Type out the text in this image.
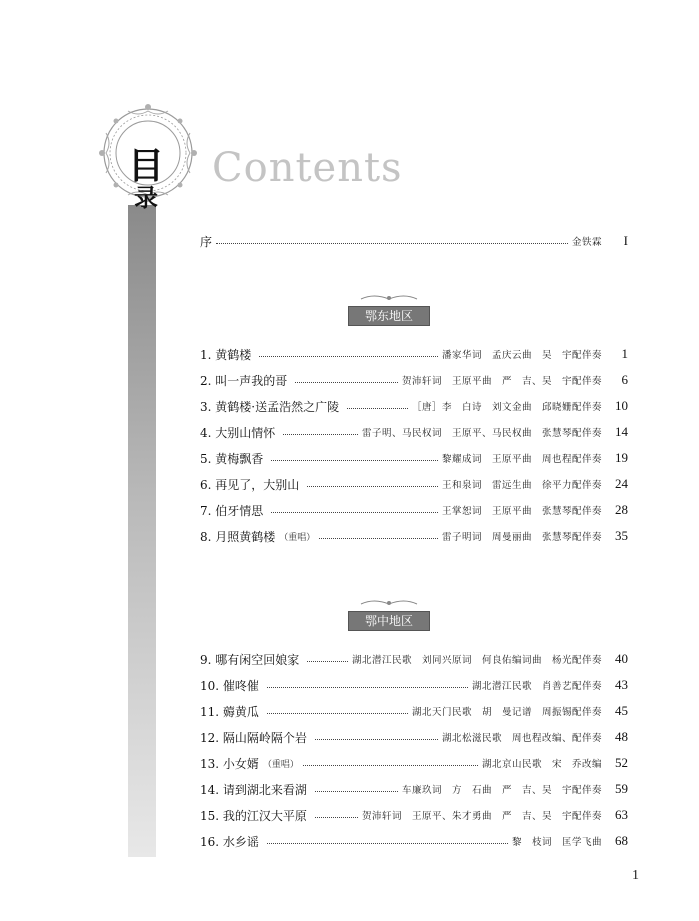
目
录
Contents
序	金铁霖	I
鄂东地区
1. 黄鹤楼	潘家华词　孟庆云曲　吴　宇配伴奏	1
2. 叫一声我的哥	贺沛轩词　王原平曲　严　吉、吴　宇配伴奏	6
3. 黄鹤楼·送孟浩然之广陵	［唐］李　白诗　刘文金曲　邱晓姗配伴奏	10
4. 大别山情怀	雷子明、马民权词　王原平、马民权曲　张慧琴配伴奏	14
5. 黄梅飘香	黎耀成词　王原平曲　周也程配伴奏	19
6. 再见了，大别山	王和泉词　雷远生曲　徐平力配伴奏	24
7. 伯牙情思	王掌恕词　王原平曲　张慧琴配伴奏	28
8. 月照黄鹤楼 （重唱）	雷子明词　周曼丽曲　张慧琴配伴奏	35
鄂中地区
9. 哪有闲空回娘家	湖北潜江民歌　刘同兴原词　何良佑编词曲　杨光配伴奏	40
10. 催咚催	湖北潜江民歌　肖善艺配伴奏	43
11. 薅黄瓜	湖北天门民歌　胡　曼记谱　周振锡配伴奏	45
12. 隔山隔岭隔个岩	湖北松滋民歌　周也程改编、配伴奏	48
13. 小女婿 （重唱）	湖北京山民歌　宋　乔改编	52
14. 请到湖北来看湖	车廉玖词　方　石曲　严　吉、吴　宇配伴奏	59
15. 我的江汉大平原	贺沛轩词　王原平、朱才勇曲　严　吉、吴　宇配伴奏	63
16. 水乡谣	黎　枝词　匡学飞曲	68
1
